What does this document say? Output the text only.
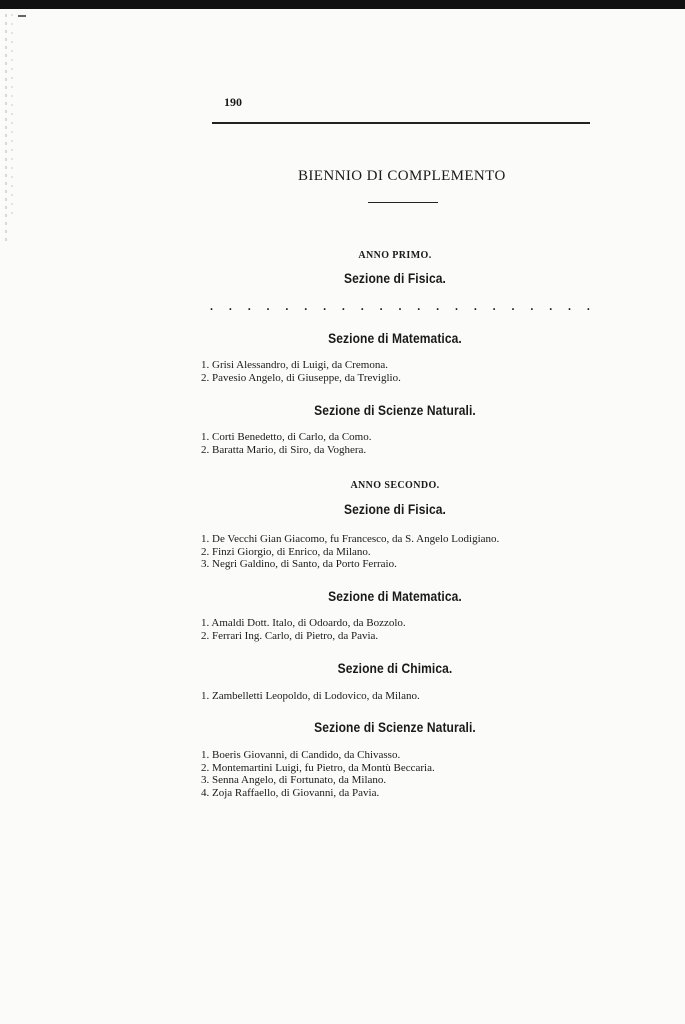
190
BIENNIO DI COMPLEMENTO
ANNO PRIMO.
Sezione di Fisica.
. . . . . . . . . . . . . . . . . . . . .
Sezione di Matematica.
1. Grisi Alessandro, di Luigi, da Cremona.
2. Pavesio Angelo, di Giuseppe, da Treviglio.
Sezione di Scienze Naturali.
1. Corti Benedetto, di Carlo, da Como.
2. Baratta Mario, di Siro, da Voghera.
ANNO SECONDO.
Sezione di Fisica.
1. De Vecchi Gian Giacomo, fu Francesco, da S. Angelo Lodigiano.
2. Finzi Giorgio, di Enrico, da Milano.
3. Negri Galdino, di Santo, da Porto Ferraio.
Sezione di Matematica.
1. Amaldi Dott. Italo, di Odoardo, da Bozzolo.
2. Ferrari Ing. Carlo, di Pietro, da Pavia.
Sezione di Chimica.
1. Zambelletti Leopoldo, di Lodovico, da Milano.
Sezione di Scienze Naturali.
1. Boeris Giovanni, di Candido, da Chivasso.
2. Montemartini Luigi, fu Pietro, da Montù Beccaria.
3. Senna Angelo, di Fortunato, da Milano.
4. Zoja Raffaello, di Giovanni, da Pavia.
